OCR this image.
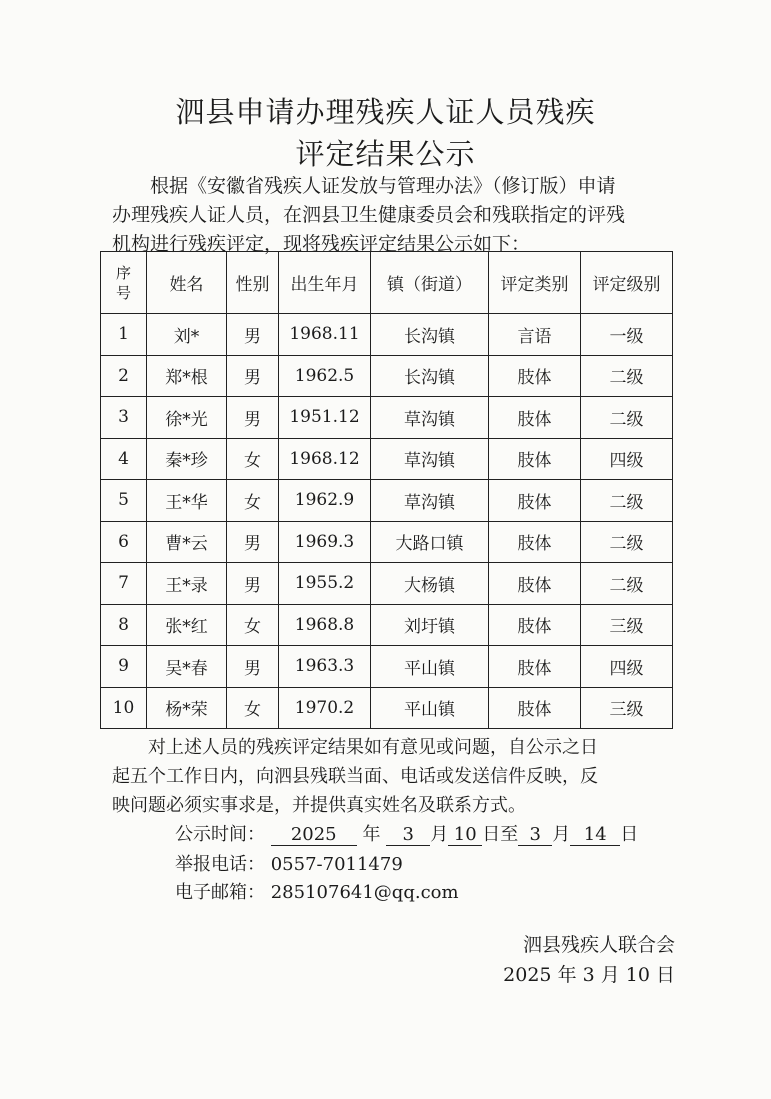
泗县申请办理残疾人证人员残疾
评定结果公示

根据《安徽省残疾人证发放与管理办法》（修订版）申请
办理残疾人证人员，在泗县卫生健康委员会和残联指定的评残
机构进行残疾评定，现将残疾评定结果公示如下：

序
号	姓名	性别	出生年月	镇（街道）	评定类别	评定级别
1	刘*	男	1968.11	长沟镇	言语	一级
2	郑*根	男	1962.5	长沟镇	肢体	二级
3	徐*光	男	1951.12	草沟镇	肢体	二级
4	秦*珍	女	1968.12	草沟镇	肢体	四级
5	王*华	女	1962.9	草沟镇	肢体	二级
6	曹*云	男	1969.3	大路口镇	肢体	二级
7	王*录	男	1955.2	大杨镇	肢体	二级
8	张*红	女	1968.8	刘圩镇	肢体	三级
9	吴*春	男	1963.3	平山镇	肢体	四级
10	杨*荣	女	1970.2	平山镇	肢体	三级

　　对上述人员的残疾评定结果如有意见或问题，自公示之日
起五个工作日内，向泗县残联当面、电话或发送信件反映，反
映问题必须实事求是，并提供真实姓名及联系方式。

公示时间： 2025 年 3 月 10 日至 3 月 14 日
举报电话： 0557-7011479
电子邮箱： 285107641@qq.com
泗县残疾人联合会
2025 年 3 月 10 日
